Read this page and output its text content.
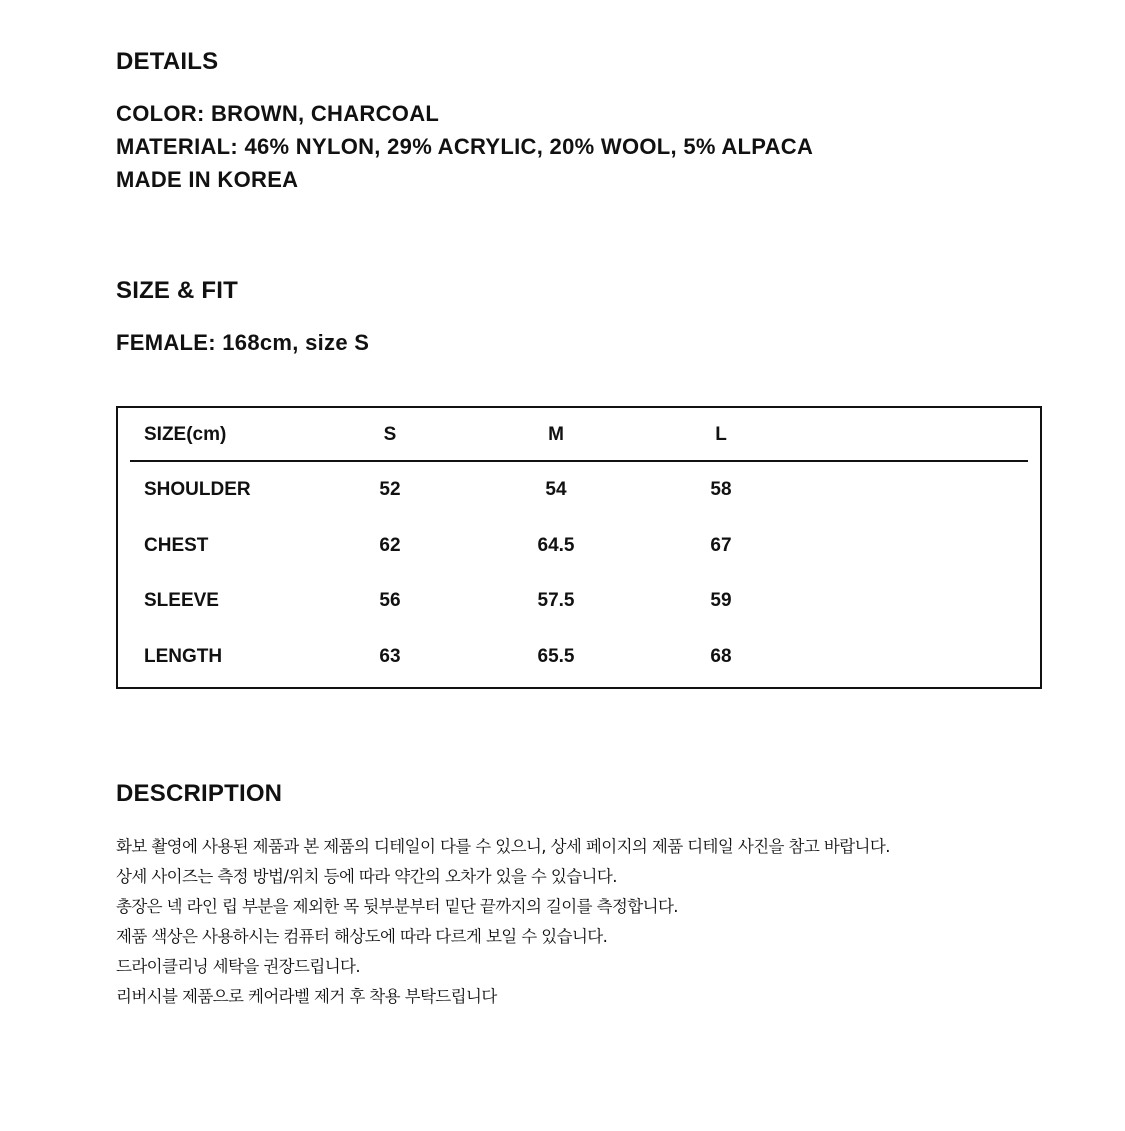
DETAILS
COLOR: BROWN, CHARCOAL
MATERIAL: 46% NYLON, 29% ACRYLIC, 20% WOOL, 5% ALPACA
MADE IN KOREA
SIZE & FIT
FEMALE: 168cm, size S
SIZE(cm)	S	M	L
SHOULDER	52	54	58
CHEST	62	64.5	67
SLEEVE	56	57.5	59
LENGTH	63	65.5	68
DESCRIPTION
화보 촬영에 사용된 제품과 본 제품의 디테일이 다를 수 있으니, 상세 페이지의 제품 디테일 사진을 참고 바랍니다.
상세 사이즈는 측정 방법/위치 등에 따라 약간의 오차가 있을 수 있습니다.
총장은 넥 라인 립 부분을 제외한 목 뒷부분부터 밑단 끝까지의 길이를 측정합니다.
제품 색상은 사용하시는 컴퓨터 해상도에 따라 다르게 보일 수 있습니다.
드라이클리닝 세탁을 권장드립니다.
리버시블 제품으로 케어라벨 제거 후 착용 부탁드립니다
